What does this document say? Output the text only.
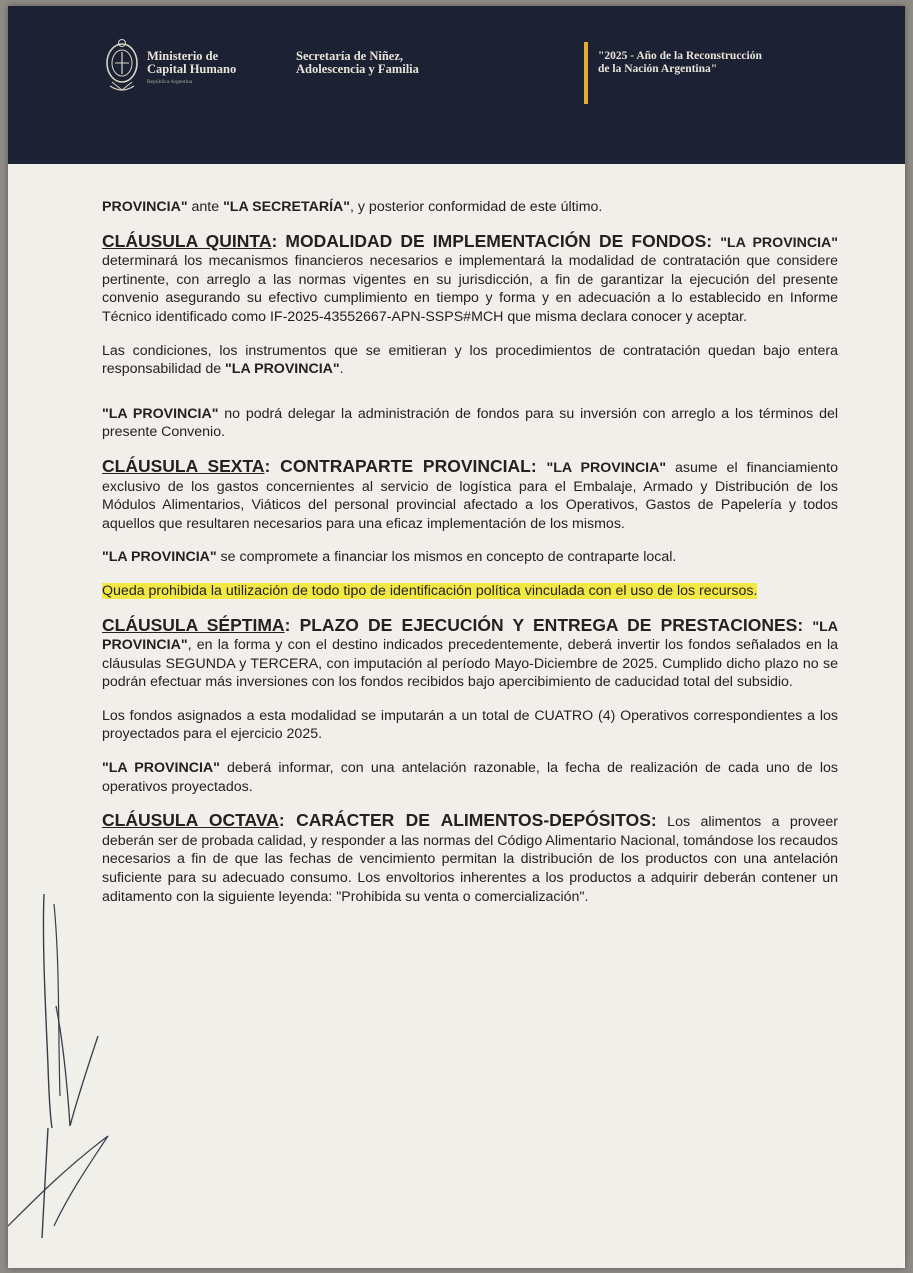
Ministerio de
Capital Humano
República Argentina
Secretaría de Niñez,
Adolescencia y Familia
"2025 - Año de la Reconstrucción
de la Nación Argentina"

PROVINCIA" ante "LA SECRETARÍA", y posterior conformidad de este último.

CLÁUSULA QUINTA: MODALIDAD DE IMPLEMENTACIÓN DE FONDOS: "LA PROVINCIA" determinará los mecanismos financieros necesarios e implementará la modalidad de contratación que considere pertinente, con arreglo a las normas vigentes en su jurisdicción, a fin de garantizar la ejecución del presente convenio asegurando su efectivo cumplimiento en tiempo y forma y en adecuación a lo establecido en Informe Técnico identificado como IF-2025-43552667-APN-SSPS#MCH que misma declara conocer y aceptar.

Las condiciones, los instrumentos que se emitieran y los procedimientos de contratación quedan bajo entera responsabilidad de "LA PROVINCIA".

"LA PROVINCIA" no podrá delegar la administración de fondos para su inversión con arreglo a los términos del presente Convenio.

CLÁUSULA SEXTA: CONTRAPARTE PROVINCIAL: "LA PROVINCIA" asume el financiamiento exclusivo de los gastos concernientes al servicio de logística para el Embalaje, Armado y Distribución de los Módulos Alimentarios, Viáticos del personal provincial afectado a los Operativos, Gastos de Papelería y todos aquellos que resultaren necesarios para una eficaz implementación de los mismos.

"LA PROVINCIA" se compromete a financiar los mismos en concepto de contraparte local.

Queda prohibida la utilización de todo tipo de identificación política vinculada con el uso de los recursos.

CLÁUSULA SÉPTIMA: PLAZO DE EJECUCIÓN Y ENTREGA DE PRESTACIONES: "LA PROVINCIA", en la forma y con el destino indicados precedentemente, deberá invertir los fondos señalados en la cláusulas SEGUNDA y TERCERA, con imputación al período Mayo-Diciembre de 2025. Cumplido dicho plazo no se podrán efectuar más inversiones con los fondos recibidos bajo apercibimiento de caducidad total del subsidio.

Los fondos asignados a esta modalidad se imputarán a un total de CUATRO (4) Operativos correspondientes a los proyectados para el ejercicio 2025.

"LA PROVINCIA" deberá informar, con una antelación razonable, la fecha de realización de cada uno de los operativos proyectados.

CLÁUSULA OCTAVA: CARÁCTER DE ALIMENTOS-DEPÓSITOS: Los alimentos a proveer deberán ser de probada calidad, y responder a las normas del Código Alimentario Nacional, tomándose los recaudos necesarios a fin de que las fechas de vencimiento permitan la distribución de los productos con una antelación suficiente para su adecuado consumo. Los envoltorios inherentes a los productos a adquirir deberán contener un aditamento con la siguiente leyenda: "Prohibida su venta o comercialización".
